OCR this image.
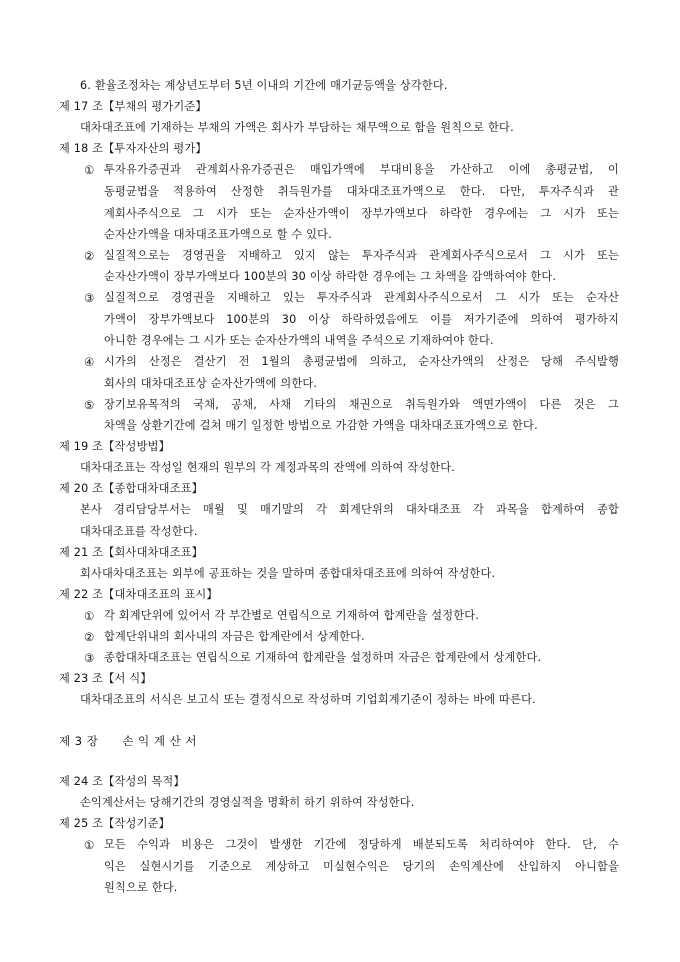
6. 환율조정차는 계상년도부터 5년 이내의 기간에 매기균등액을 상각한다.
제 17 조【부채의 평가기준】
대차대조표에 기재하는 부채의 가액은 회사가 부담하는 채무액으로 함을 원칙으로 한다.
제 18 조【투자자산의 평가】
① 투자유가증권과 관계회사유가증권은 매입가액에 부대비용을 가산하고 이에 총평균법, 이
동평균법을 적용하여 산정한 취득원가를 대차대조표가액으로 한다. 다만, 투자주식과 관
계회사주식으로 그 시가 또는 순자산가액이 장부가액보다 하락한 경우에는 그 시가 또는
순자산가액을 대차대조표가액으로 할 수 있다.
② 실질적으로는 경영권을 지배하고 있지 않는 투자주식과 관계회사주식으로서 그 시가 또는
순자산가액이 장부가액보다 100분의 30 이상 하락한 경우에는 그 차액을 감액하여야 한다.
③ 실질적으로 경영권을 지배하고 있는 투자주식과 관계회사주식으로서 그 시가 또는 순자산
가액이 장부가액보다 100분의 30 이상 하락하였음에도 이를 저가기준에 의하여 평가하지
아니한 경우에는 그 시가 또는 순자산가액의 내역을 주석으로 기재하여야 한다.
④ 시가의 산정은 결산기 전 1월의 총평균법에 의하고, 순자산가액의 산정은 당해 주식발행
회사의 대차대조표상 순자산가액에 의한다.
⑤ 장기보유목적의 국채, 공채, 사채 기타의 채권으로 취득원가와 액면가액이 다른 것은 그
차액을 상환기간에 걸쳐 매기 일정한 방법으로 가감한 가액을 대차대조표가액으로 한다.
제 19 조【작성방법】
대차대조표는 작성일 현재의 원부의 각 계정과목의 잔액에 의하여 작성한다.
제 20 조【종합대차대조표】
본사 경리담당부서는 매월 및 매기말의 각 회계단위의 대차대조표 각 과목을 합계하여 종합
대차대조표를 작성한다.
제 21 조【회사대차대조표】
회사대차대조표는 외부에 공표하는 것을 말하며 종합대차대조표에 의하여 작성한다.
제 22 조【대차대조표의 표시】
① 각 회계단위에 있어서 각 부간별로 연립식으로 기재하여 합계란을 설정한다.
② 합계단위내의 회사내의 자금은 합계란에서 상계한다.
③ 종합대차대조표는 연립식으로 기재하여 합계란을 설정하며 자금은 합계란에서 상계한다.
제 23 조【서 식】
대차대조표의 서식은 보고식 또는 결정식으로 작성하며 기업회계기준이 정하는 바에 따른다.
제 3 장 손 익 계 산 서
제 24 조【작성의 목적】
손익계산서는 당해기간의 경영실적을 명확히 하기 위하여 작성한다.
제 25 조【작성기준】
① 모든 수익과 비용은 그것이 발생한 기간에 정당하게 배분되도록 처리하여야 한다. 단, 수
익은 실현시기를 기준으로 계상하고 미실현수익은 당기의 손익계산에 산입하지 아니함을
원칙으로 한다.
